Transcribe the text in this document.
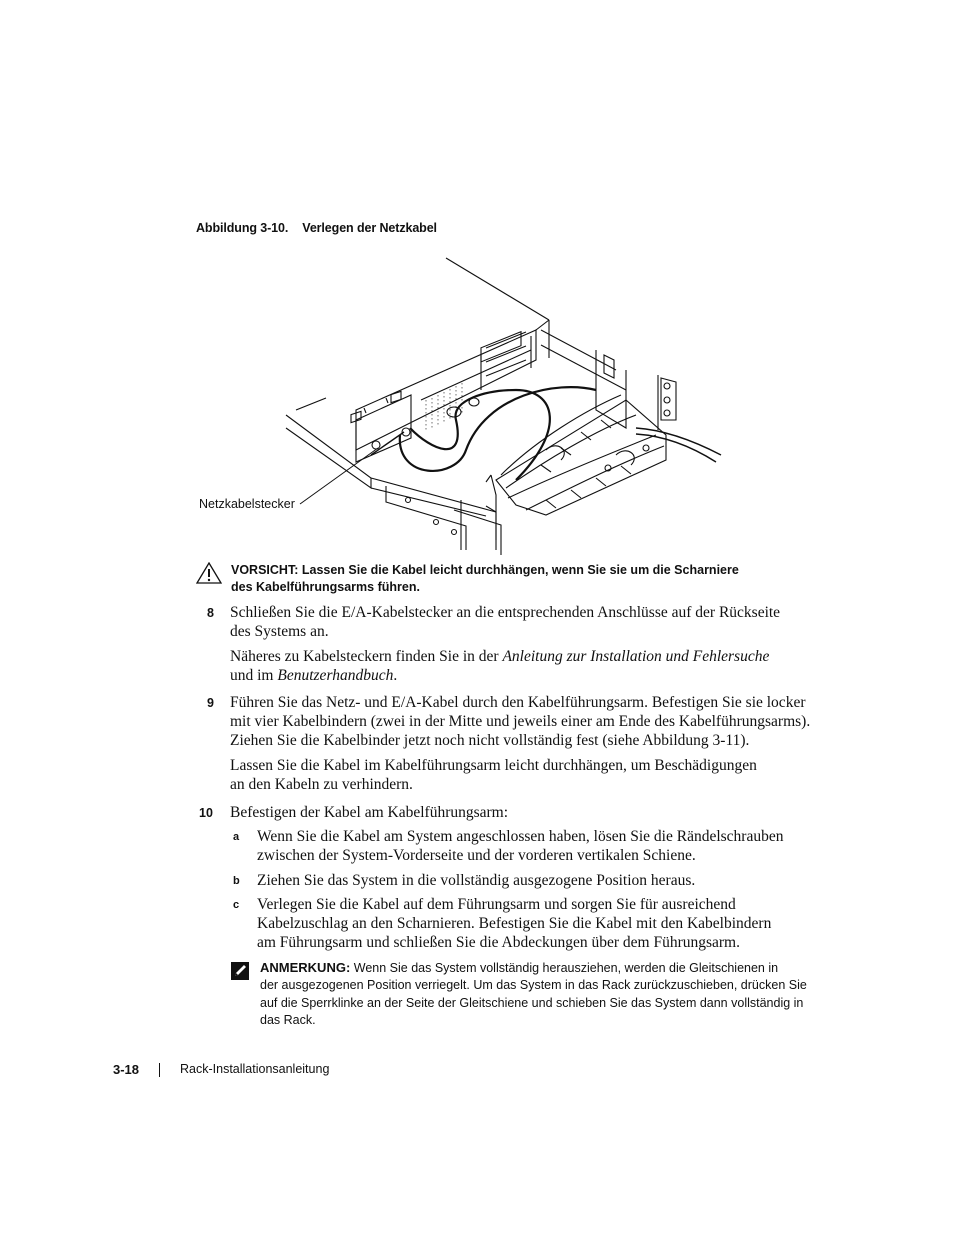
Abbildung 3-10. Verlegen der Netzkabel
Netzkabelstecker
VORSICHT: Lassen Sie die Kabel leicht durchhängen, wenn Sie sie um die Scharniere
des Kabelführungsarms führen.
8 Schließen Sie die E/A-Kabelstecker an die entsprechenden Anschlüsse auf der Rückseite
des Systems an.
Näheres zu Kabelsteckern finden Sie in der Anleitung zur Installation und Fehlersuche
und im Benutzerhandbuch.
9 Führen Sie das Netz- und E/A-Kabel durch den Kabelführungsarm. Befestigen Sie sie locker
mit vier Kabelbindern (zwei in der Mitte und jeweils einer am Ende des Kabelführungsarms).
Ziehen Sie die Kabelbinder jetzt noch nicht vollständig fest (siehe Abbildung 3-11).
Lassen Sie die Kabel im Kabelführungsarm leicht durchhängen, um Beschädigungen
an den Kabeln zu verhindern.
10 Befestigen der Kabel am Kabelführungsarm:
a Wenn Sie die Kabel am System angeschlossen haben, lösen Sie die Rändelschrauben
zwischen der System-Vorderseite und der vorderen vertikalen Schiene.
b Ziehen Sie das System in die vollständig ausgezogene Position heraus.
c Verlegen Sie die Kabel auf dem Führungsarm und sorgen Sie für ausreichend
Kabelzuschlag an den Scharnieren. Befestigen Sie die Kabel mit den Kabelbindern
am Führungsarm und schließen Sie die Abdeckungen über dem Führungsarm.
ANMERKUNG: Wenn Sie das System vollständig herausziehen, werden die Gleitschienen in
der ausgezogenen Position verriegelt. Um das System in das Rack zurückzuschieben, drücken Sie
auf die Sperrklinke an der Seite der Gleitschiene und schieben Sie das System dann vollständig in
das Rack.
3-18	Rack-Installationsanleitung
